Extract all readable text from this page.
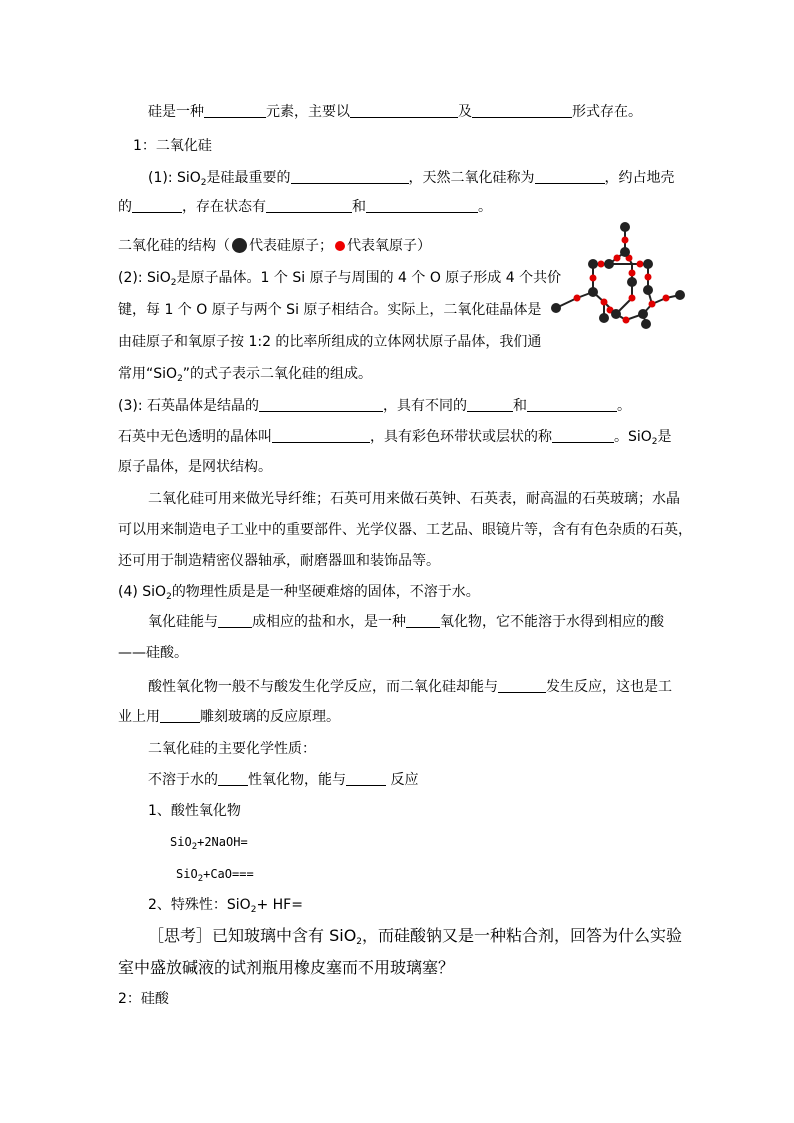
硅是一种	元素，主要以	及	形式存在。
1：二氧化硅
(1): SiO$_2$是硅最重要的	，天然二氧化硅称为	，约占地壳
的	，存在状态有	和	。
二氧化硅的结构（ 代表硅原子； 代表氧原子）
(2): SiO$_2$是原子晶体。1 个 Si 原子与周围的 4 个 O 原子形成 4 个共价
键，每 1 个 O 原子与两个 Si 原子相结合。实际上，二氧化硅晶体是
由硅原子和氧原子按 1:2 的比率所组成的立体网状原子晶体，我们通
常用“SiO$_2$”的式子表示二氧化硅的组成。
(3): 石英晶体是结晶的	，具有不同的	和	。
石英中无色透明的晶体叫	，具有彩色环带状或层状的称	。SiO$_2$是
原子晶体，是网状结构。
二氧化硅可用来做光导纤维；石英可用来做石英钟、石英表，耐高温的石英玻璃；水晶
可以用来制造电子工业中的重要部件、光学仪器、工艺品、眼镜片等，含有有色杂质的石英，
还可用于制造精密仪器轴承，耐磨器皿和装饰品等。
(4) SiO$_2$的物理性质是是一种坚硬难熔的固体，不溶于水。
氧化硅能与 成相应的盐和水，是一种 氧化物，它不能溶于水得到相应的酸
——硅酸。
酸性氧化物一般不与酸发生化学反应，而二氧化硅却能与	发生反应，这也是工
业上用	雕刻玻璃的反应原理。
二氧化硅的主要化学性质：
不溶于水的 性氧化物，能与	反应
1、酸性氧化物
SiO$_2$+2NaOH=
SiO$_2$+CaO===
2、特殊性：SiO$_2$+ HF=
［思考］已知玻璃中含有 SiO$_2$，而硅酸钠又是一种粘合剂，回答为什么实验
室中盛放碱液的试剂瓶用橡皮塞而不用玻璃塞？
2：硅酸
